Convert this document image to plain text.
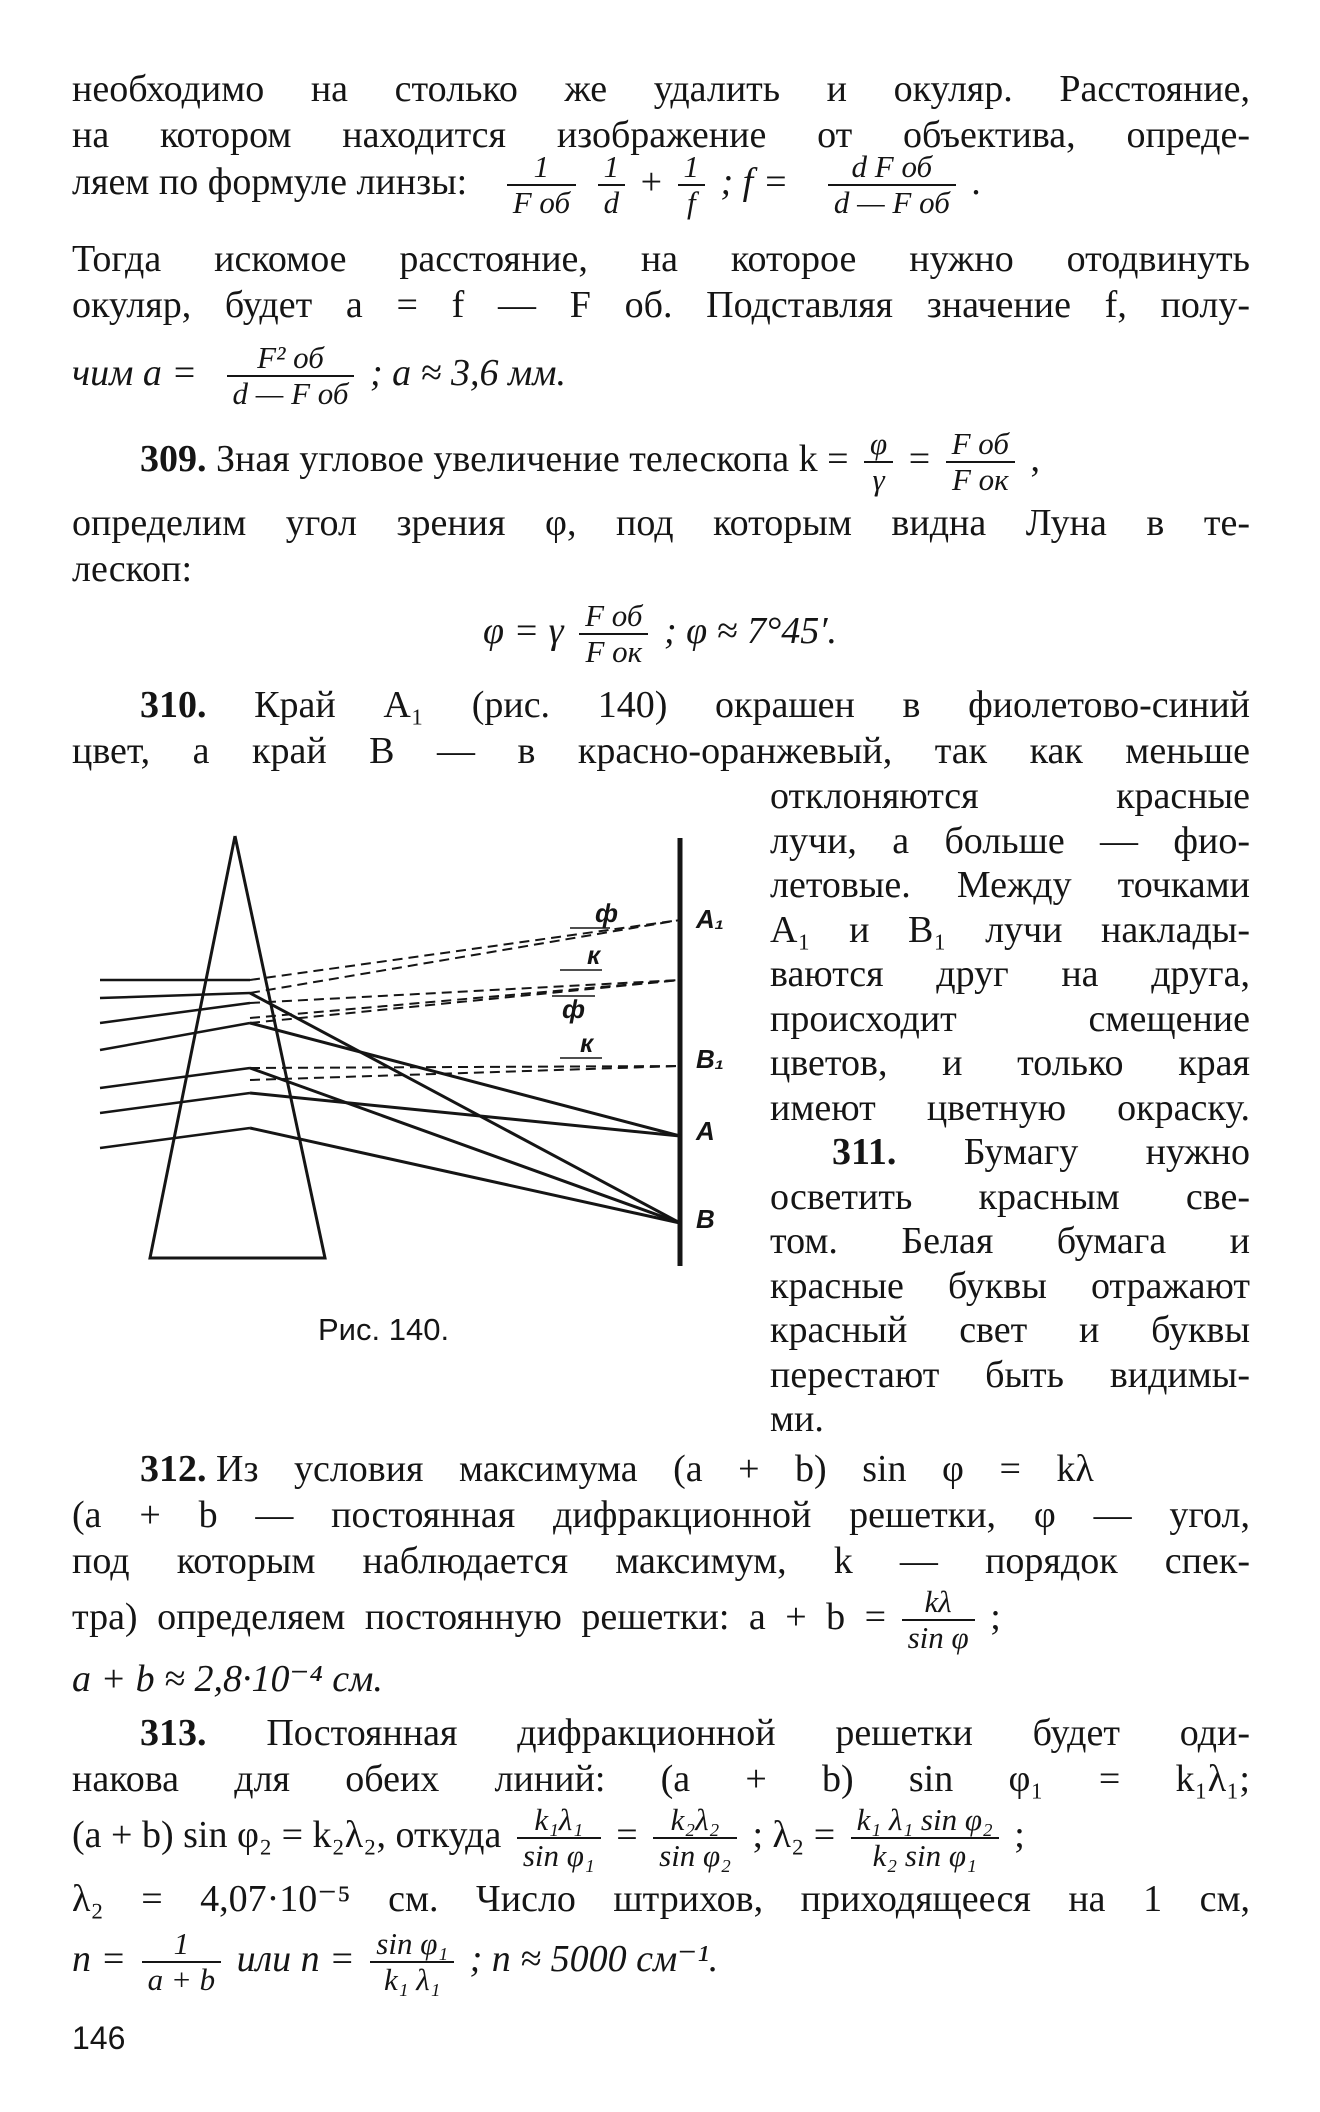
необходимо на столько же удалить и окуляр. Расстояние,
на котором находится изображение от объектива, опреде-
ляем по формуле линзы: $\frac{1}{\text{F об}}$
$\frac{1}{d} + \frac{1}{f}$ ; $f = \frac{\text{d F об}}{\text{d — F об}}$ .
Тогда искомое расстояние, на которое нужно отодвинуть
окуляр, будет a = f — F об. Подставляя значение f, полу-
чим $a = \frac{\text{F² об}}{\text{d — F об}}$ ; a ≈ 3,6 мм.
309. Зная угловое увеличение телескопа $k = \frac{\varphi}{\gamma} = \frac{\text{F об}}{\text{F ок}}$ ,
определим угол зрения φ, под которым видна Луна в те-
лескоп:
φ = γ $\frac{\text{F об}}{\text{F ок}}$ ; φ ≈ 7°45′.
310. Край A₁ (рис. 140) окрашен в фиолетово-синий
цвет, а край B — в красно-оранжевый, так как меньше
отклоняются красные
лучи, а больше — фио-
летовые. Между точками
A₁ и B₁ лучи наклады-
ваются друг на друга,
происходит смещение
цветов, и только края
имеют цветную окраску.
311. Бумагу нужно
осветить красным све-
том. Белая бумага и
красные буквы отражают
красный свет и буквы
перестают быть видимы-
ми.
ф
к
ф
к
A₁
B₁
A
B
Рис. 140.
312. Из условия максимума (a + b) sin φ = kλ
(a + b — постоянная дифракционной решетки, φ — угол,
под которым наблюдается максимум, k — порядок спек-
тра) определяем постоянную решетки: $a + b = \frac{k\lambda}{\text{sin φ}}$ ;
a + b ≈ 2,8·10⁻⁴ см.
313. Постоянная дифракционной решетки будет оди-
накова для обеих линий: (a + b) sin φ₁ = k₁λ₁;
(a + b) sin φ₂ = k₂λ₂, откуда $\frac{\text{k₁λ₁}}{\text{sin φ₁}} = \frac{\text{k₂λ₂}}{\text{sin φ₂}}$ ; $\lambda_2 = \frac{\text{k₁ λ₁ sin φ₂}}{\text{k₂ sin φ₁}}$ ;
λ₂ = 4,07·10⁻⁵ см. Число штрихов, приходящееся на 1 см,
$n = \frac{1}{a + b}$ или $n = \frac{\text{sin φ₁}}{\text{k₁ λ₁}}$ ; n ≈ 5000 см⁻¹.
146
